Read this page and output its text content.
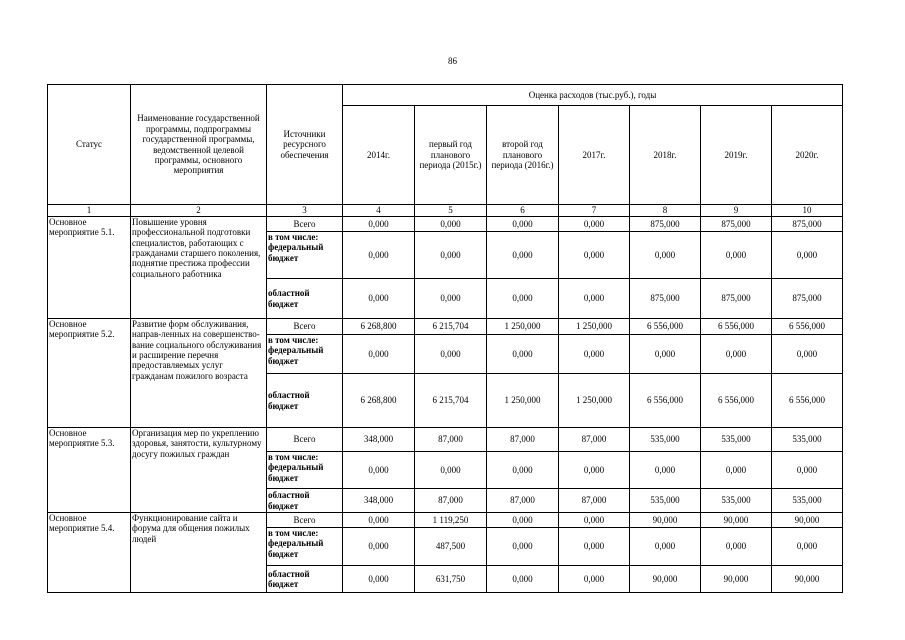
86
Статус	Наименование государственной программы, подпрограммы государственной программы, ведомственной целевой программы, основного мероприятия	Источники ресурсного обеспечения	Оценка расходов (тыс.руб.), годы						
			2014г.	первый год планового периода (2015г.)	второй год планового периода (2016г.)	2017г.	2018г.	2019г.	2020г.
1	2	3	4	5	6	7	8	9	10
Основное мероприятие 5.1.	Повышение уровня профессиональной подготовки специалистов, работающих с гражданами старшего поколения, поднятие престижа профессии социального работника	Всего	0,000	0,000	0,000	0,000	875,000	875,000	875,000
		в том числе: федеральный бюджет	0,000	0,000	0,000	0,000	0,000	0,000	0,000
		областной бюджет	0,000	0,000	0,000	0,000	875,000	875,000	875,000
Основное мероприятие 5.2.	Развитие форм обслуживания, направ-ленных на совершенство-вание социального обслуживания и расширение перечня предоставляемых услуг гражданам пожилого возраста	Всего	6 268,800	6 215,704	1 250,000	1 250,000	6 556,000	6 556,000	6 556,000
		в том числе: федеральный бюджет	0,000	0,000	0,000	0,000	0,000	0,000	0,000
		областной бюджет	6 268,800	6 215,704	1 250,000	1 250,000	6 556,000	6 556,000	6 556,000
Основное мероприятие 5.3.	Организация мер по укреплению здоровья, занятости, культурному досугу пожилых граждан	Всего	348,000	87,000	87,000	87,000	535,000	535,000	535,000
		в том числе: федеральный бюджет	0,000	0,000	0,000	0,000	0,000	0,000	0,000
		областной бюджет	348,000	87,000	87,000	87,000	535,000	535,000	535,000
Основное мероприятие 5.4.	Функционирование сайта и форума для общения пожилых людей	Всего	0,000	1 119,250	0,000	0,000	90,000	90,000	90,000
		в том числе: федеральный бюджет	0,000	487,500	0,000	0,000	0,000	0,000	0,000
		областной бюджет	0,000	631,750	0,000	0,000	90,000	90,000	90,000
